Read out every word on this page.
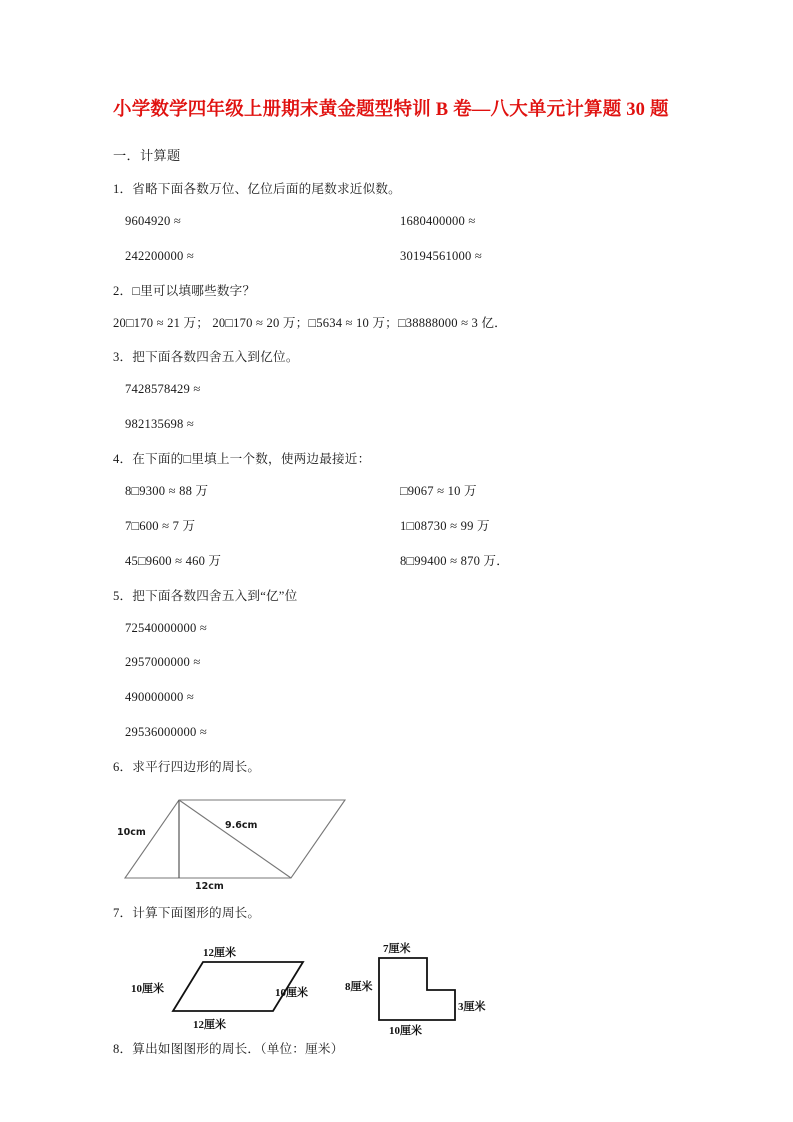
小学数学四年级上册期末黄金题型特训 B 卷—八大单元计算题 30 题
一．计算题

1．省略下面各数万位、亿位后面的尾数求近似数。

9604920 ≈	1680400000 ≈
242200000 ≈	30194561000 ≈

2．□里可以填哪些数字？

20□170 ≈ 21 万； 20□170 ≈ 20 万；□5634 ≈ 10 万；□38888000 ≈ 3 亿．

3．把下面各数四舍五入到亿位。

7428578429 ≈
982135698 ≈

4．在下面的□里填上一个数，使两边最接近：

8□9300 ≈ 88 万	□9067 ≈ 10 万
7□600 ≈ 7 万	1□08730 ≈ 99 万
45□9600 ≈ 460 万	8□99400 ≈ 870 万．

5．把下面各数四舍五入到“亿”位

72540000000 ≈
2957000000 ≈
490000000 ≈
29536000000 ≈

6．求平行四边形的周长。

10cm
9.6cm
12cm

7．计算下面图形的周长。

12厘米
10厘米	10厘米
12厘米
7厘米
8厘米
3厘米
10厘米

8．算出如图图形的周长．（单位：厘米）
